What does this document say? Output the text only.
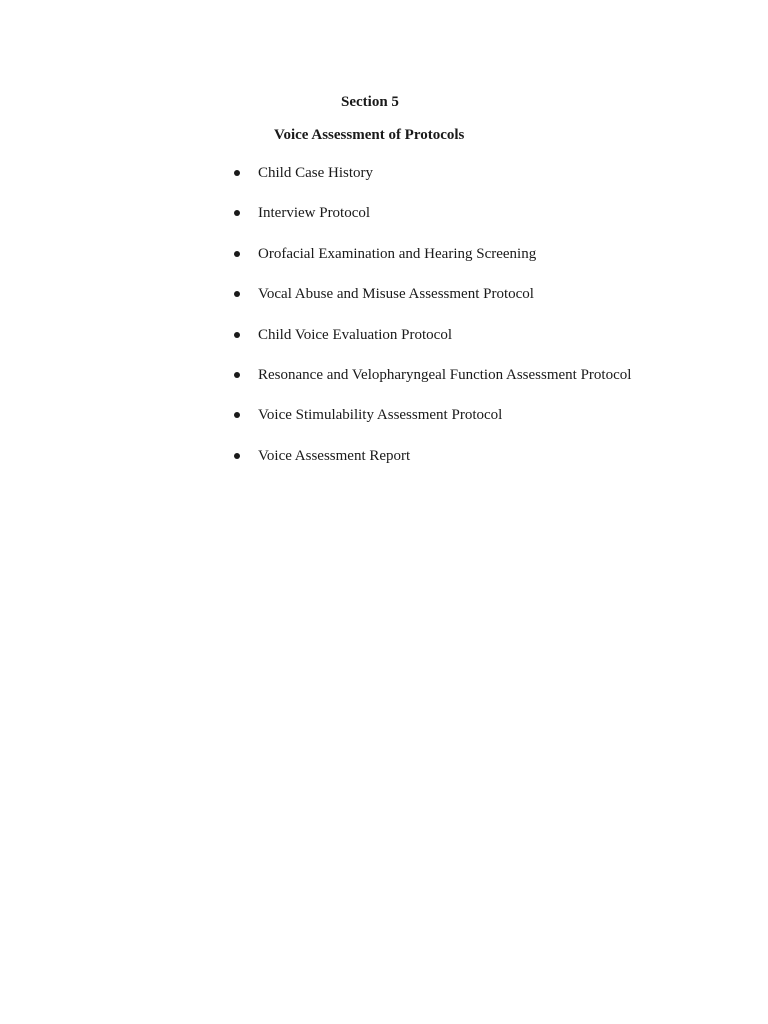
Section 5
Voice Assessment of Protocols
Child Case History
Interview Protocol
Orofacial Examination and Hearing Screening
Vocal Abuse and Misuse Assessment Protocol
Child Voice Evaluation Protocol
Resonance and Velopharyngeal Function Assessment Protocol
Voice Stimulability Assessment Protocol
Voice Assessment Report
